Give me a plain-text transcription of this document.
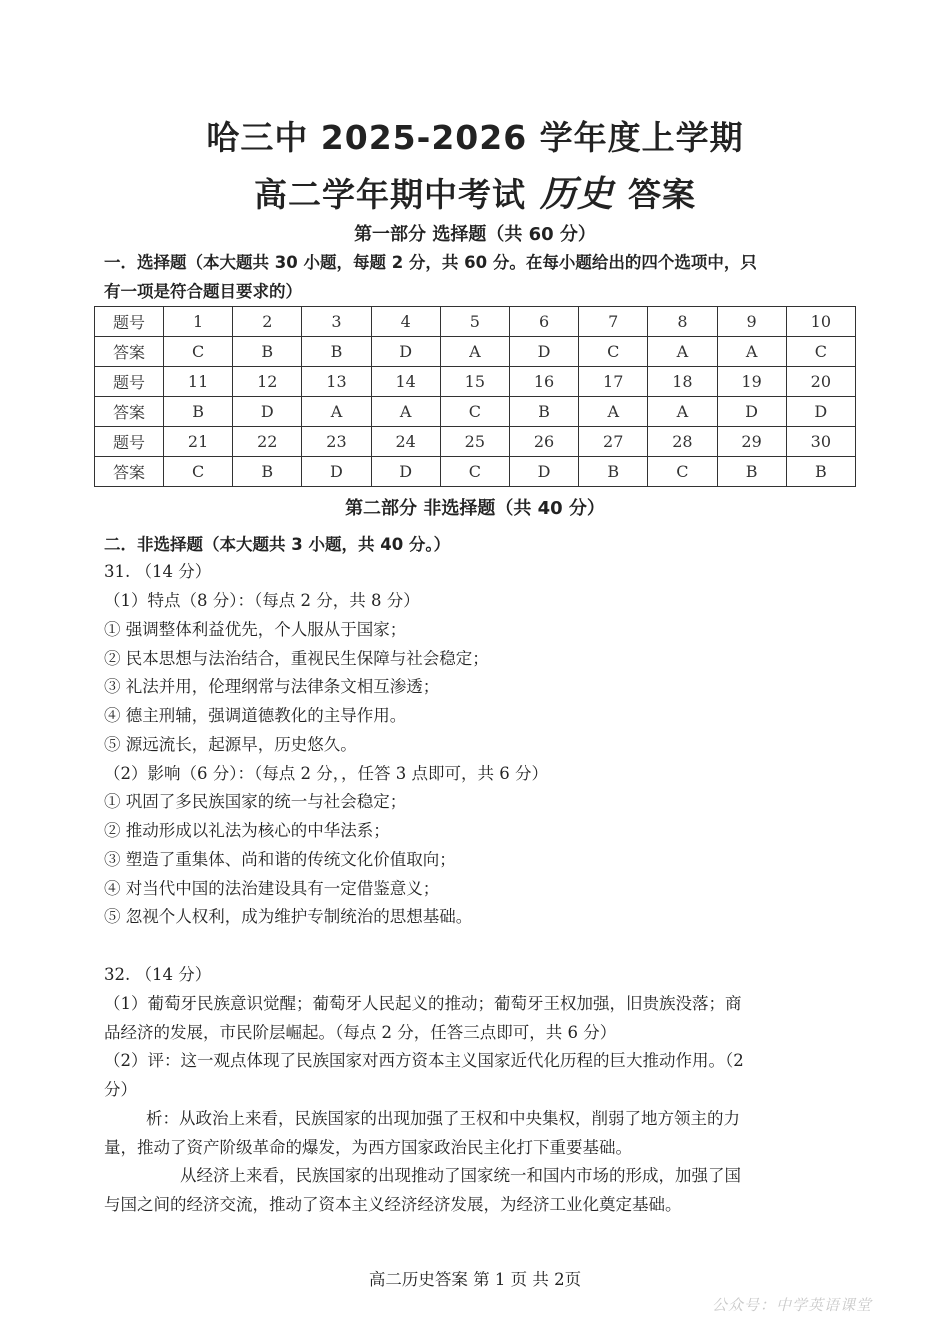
哈三中 2025-2026 学年度上学期
高二学年期中考试 历史 答案
第一部分 选择题（共 60 分）
一．选择题（本大题共 30 小题，每题 2 分，共 60 分。在每小题给出的四个选项中，只
有一项是符合题目要求的）
题号	1	2	3	4	5	6	7	8	9	10
答案	C	B	B	D	A	D	C	A	A	C
题号	11	12	13	14	15	16	17	18	19	20
答案	B	D	A	A	C	B	A	A	D	D
题号	21	22	23	24	25	26	27	28	29	30
答案	C	B	D	D	C	D	B	C	B	B
第二部分 非选择题（共 40 分）
二．非选择题（本大题共 3 小题，共 40 分。）
31. （14 分）
（1）特点（8 分）：（每点 2 分，共 8 分）
① 强调整体利益优先，个人服从于国家；
② 民本思想与法治结合，重视民生保障与社会稳定；
③ 礼法并用，伦理纲常与法律条文相互渗透；
④ 德主刑辅，强调道德教化的主导作用。
⑤ 源远流长，起源早，历史悠久。
（2）影响（6 分）：（每点 2 分，，任答 3 点即可，共 6 分）
① 巩固了多民族国家的统一与社会稳定；
② 推动形成以礼法为核心的中华法系；
③ 塑造了重集体、尚和谐的传统文化价值取向；
④ 对当代中国的法治建设具有一定借鉴意义；
⑤ 忽视个人权利，成为维护专制统治的思想基础。
32. （14 分）
（1）葡萄牙民族意识觉醒；葡萄牙人民起义的推动；葡萄牙王权加强，旧贵族没落；商
品经济的发展，市民阶层崛起。（每点 2 分，任答三点即可，共 6 分）
（2）评：这一观点体现了民族国家对西方资本主义国家近代化历程的巨大推动作用。（2
分）
析：从政治上来看，民族国家的出现加强了王权和中央集权，削弱了地方领主的力
量，推动了资产阶级革命的爆发，为西方国家政治民主化打下重要基础。
从经济上来看，民族国家的出现推动了国家统一和国内市场的形成，加强了国
与国之间的经济交流，推动了资本主义经济经济发展，为经济工业化奠定基础。
高二历史答案 第 1 页 共 2页
公众号：中学英语课堂
